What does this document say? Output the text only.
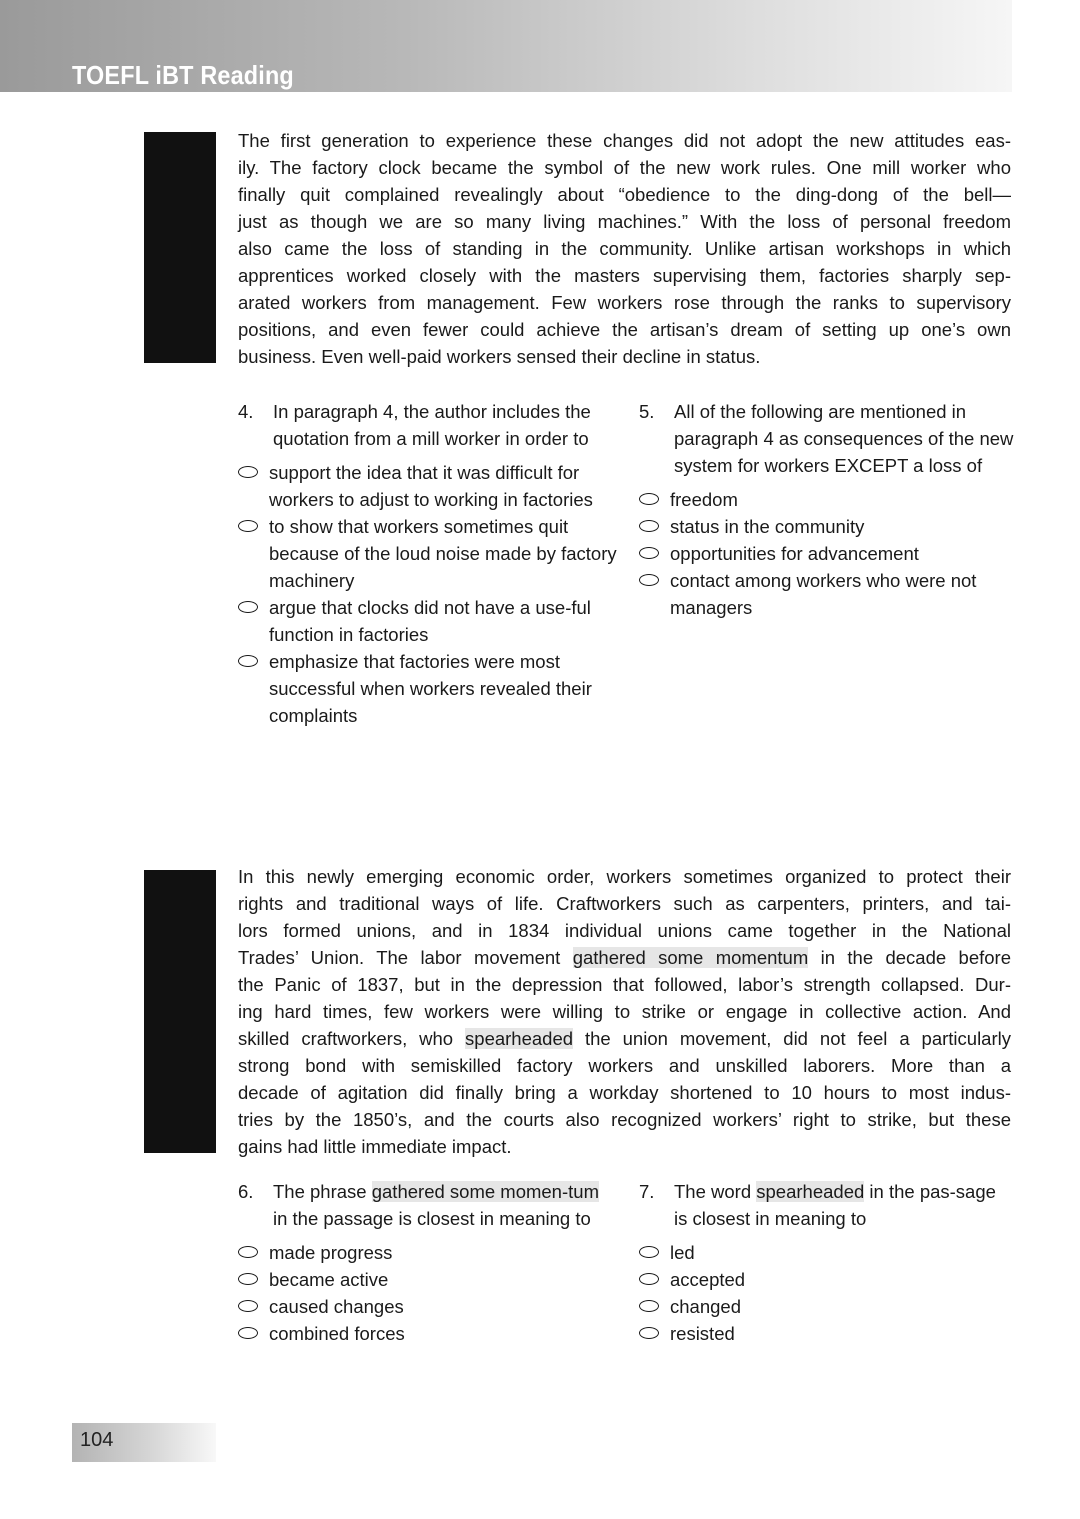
TOEFL iBT Reading

The first generation to experience these changes did not adopt the new attitudes eas-
ily. The factory clock became the symbol of the new work rules. One mill worker who
finally quit complained revealingly about “obedience to the ding-dong of the bell—
just as though we are so many living machines.” With the loss of personal freedom
also came the loss of standing in the community. Unlike artisan workshops in which
apprentices worked closely with the masters supervising them, factories sharply sep-
arated workers from management. Few workers rose through the ranks to supervisory
positions, and even fewer could achieve the artisan’s dream of setting up one’s own
business. Even well-paid workers sensed their decline in status.

4.	In paragraph 4, the author includes the quotation from a mill worker in order to
support the idea that it was difficult for workers to adjust to working in factories
to show that workers sometimes quit because of the loud noise made by factory machinery
argue that clocks did not have a use-ful function in factories
emphasize that factories were most successful when workers revealed their complaints
5.	All of the following are mentioned in paragraph 4 as consequences of the new system for workers EXCEPT a loss of
freedom
status in the community
opportunities for advancement
contact among workers who were not managers

In this newly emerging economic order, workers sometimes organized to protect their
rights and traditional ways of life. Craftworkers such as carpenters, printers, and tai-
lors formed unions, and in 1834 individual unions came together in the National
Trades’ Union. The labor movement gathered some momentum in the decade before
the Panic of 1837, but in the depression that followed, labor’s strength collapsed. Dur-
ing hard times, few workers were willing to strike or engage in collective action. And
skilled craftworkers, who spearheaded the union movement, did not feel a particularly
strong bond with semiskilled factory workers and unskilled laborers. More than a
decade of agitation did finally bring a workday shortened to 10 hours to most indus-
tries by the 1850’s, and the courts also recognized workers’ right to strike, but these
gains had little immediate impact.

6.	The phrase gathered some momen-tum in the passage is closest in meaning to
made progress
became active
caused changes
combined forces
7.	The word spearheaded in the pas-sage is closest in meaning to
led
accepted
changed
resisted
104
